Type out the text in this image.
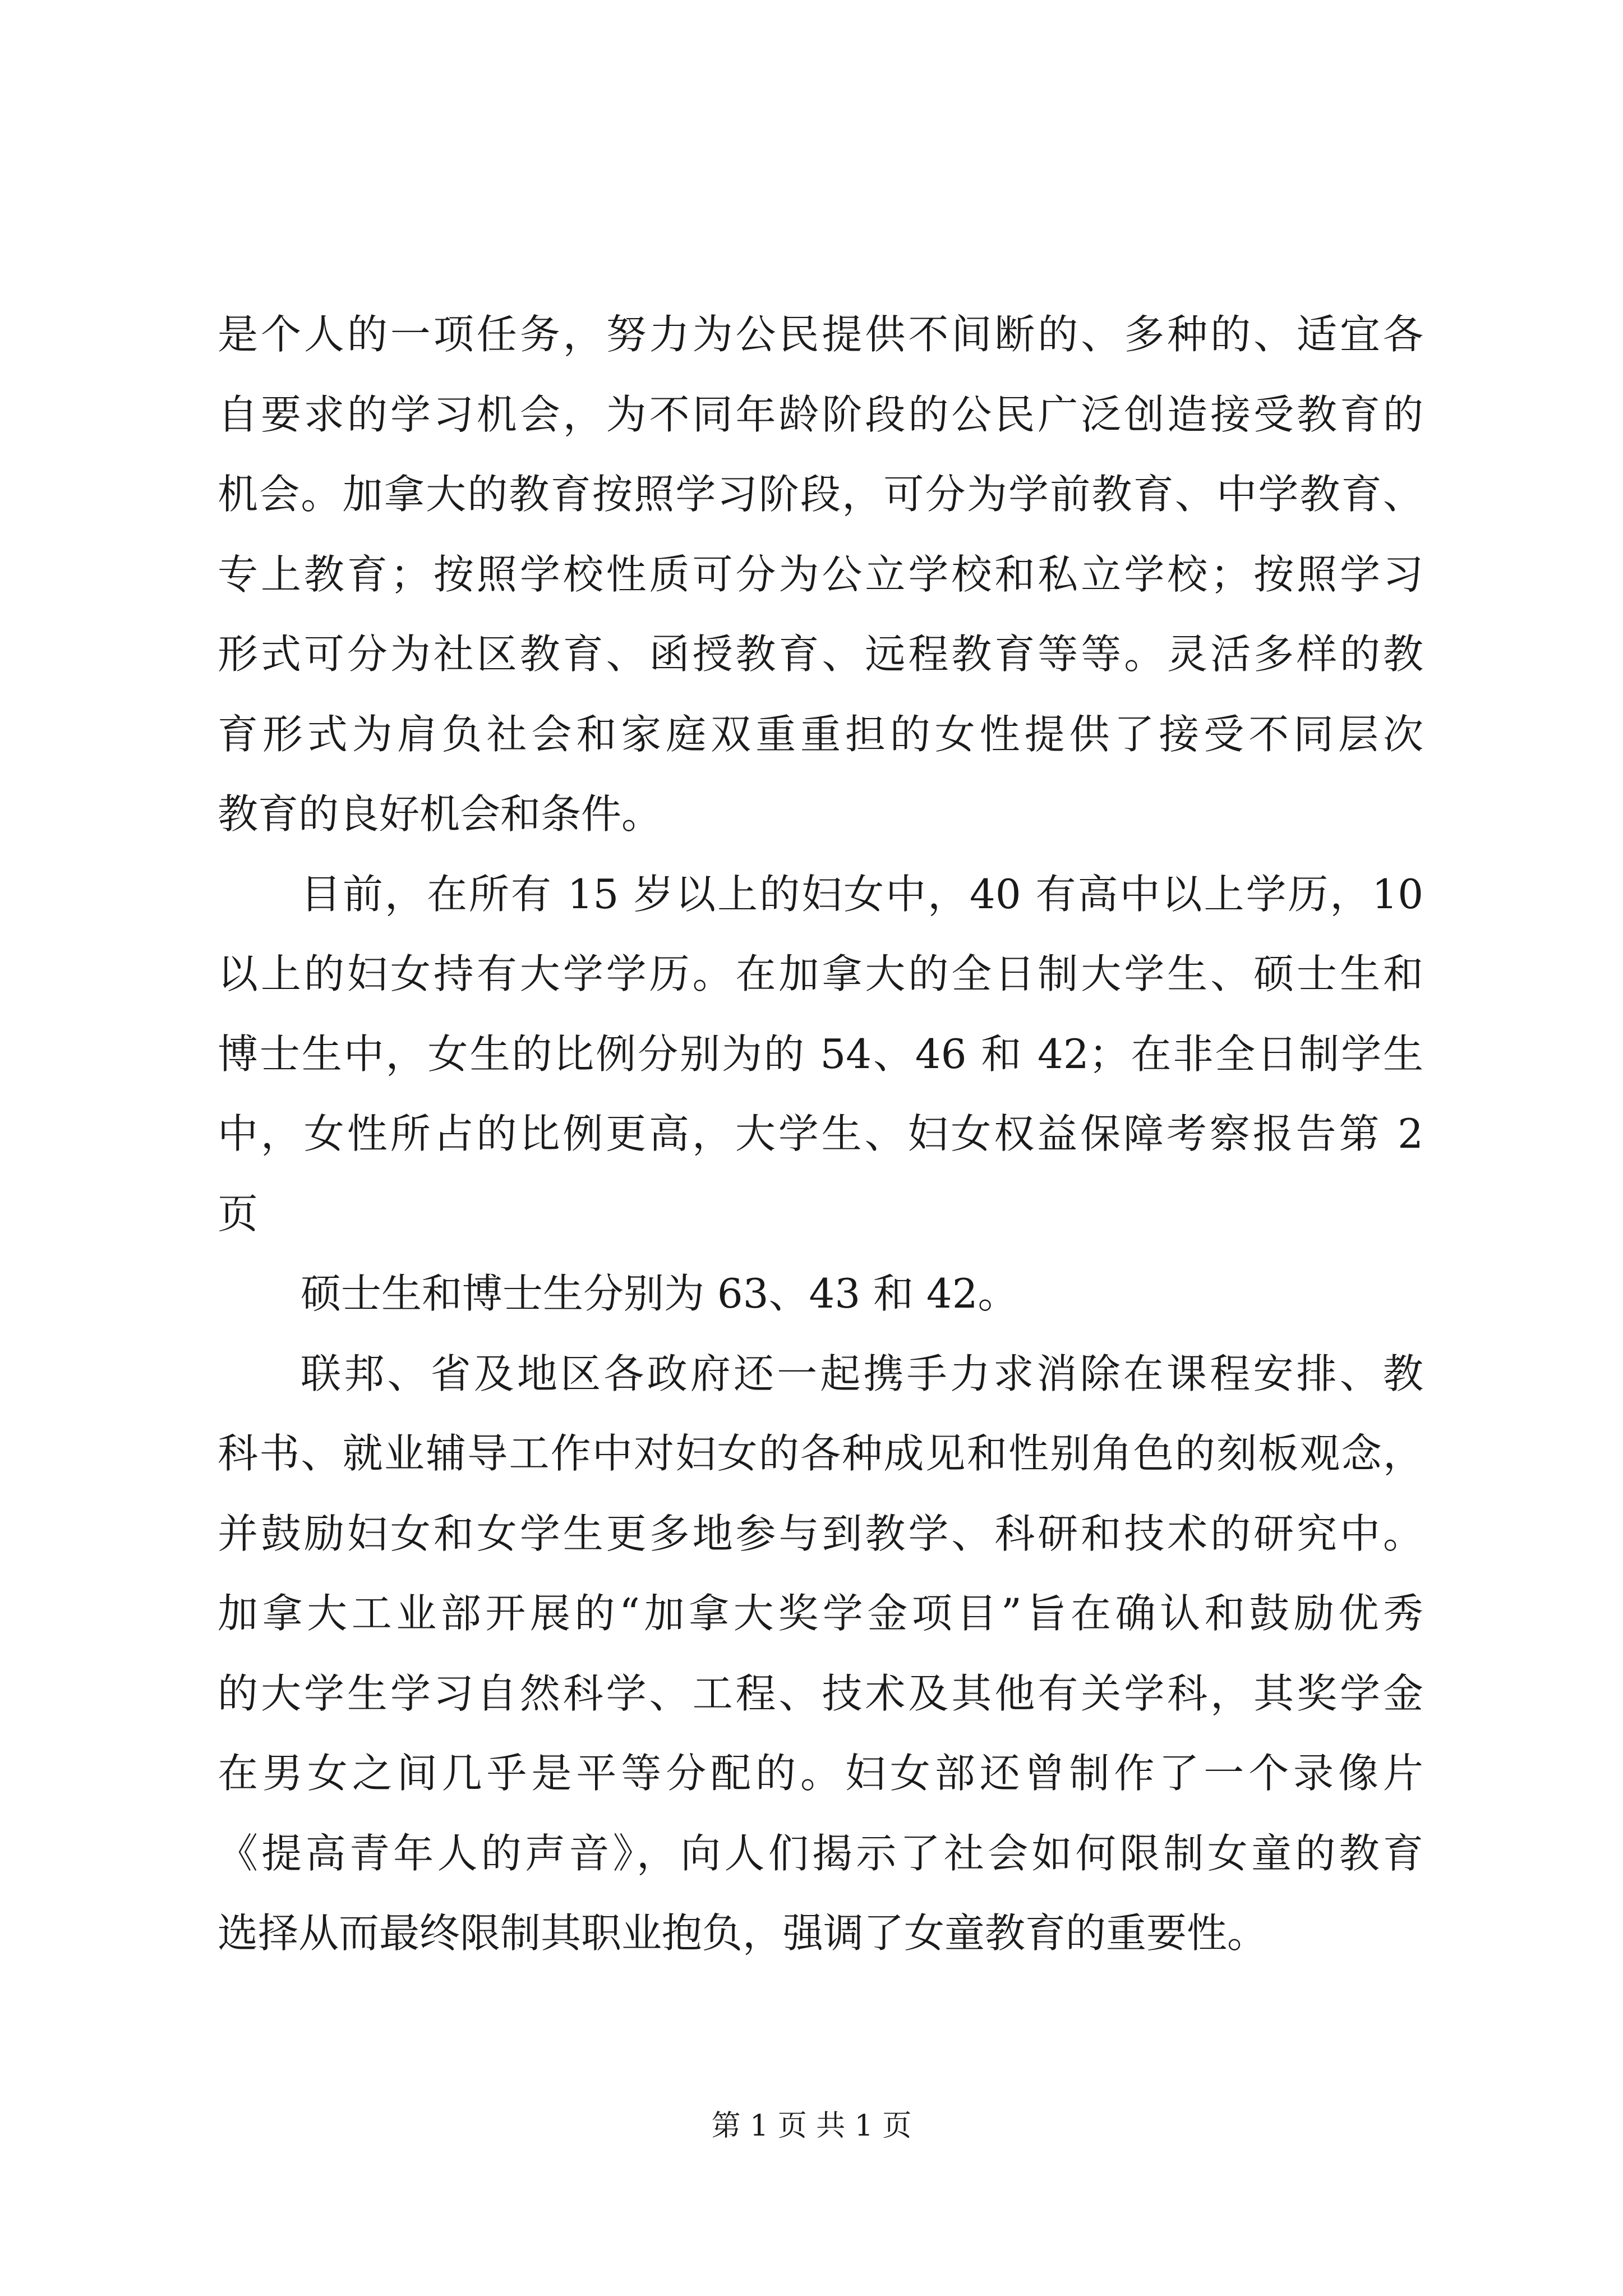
是个人的一项任务，努力为公民提供不间断的、多种的、适宜各
自要求的学习机会，为不同年龄阶段的公民广泛创造接受教育的
机会。加拿大的教育按照学习阶段，可分为学前教育、中学教育、
专上教育；按照学校性质可分为公立学校和私立学校；按照学习
形式可分为社区教育、函授教育、远程教育等等。灵活多样的教
育形式为肩负社会和家庭双重重担的女性提供了接受不同层次
教育的良好机会和条件。
目前，在所有 15 岁以上的妇女中，40 有高中以上学历，10
以上的妇女持有大学学历。在加拿大的全日制大学生、硕士生和
博士生中，女生的比例分别为的 54、46 和 42；在非全日制学生
中，女性所占的比例更高，大学生、妇女权益保障考察报告第 2
页
硕士生和博士生分别为 63、43 和 42。
联邦、省及地区各政府还一起携手力求消除在课程安排、教
科书、就业辅导工作中对妇女的各种成见和性别角色的刻板观念，
并鼓励妇女和女学生更多地参与到教学、科研和技术的研究中。
加拿大工业部开展的“加拿大奖学金项目”旨在确认和鼓励优秀
的大学生学习自然科学、工程、技术及其他有关学科，其奖学金
在男女之间几乎是平等分配的。妇女部还曾制作了一个录像片
《提高青年人的声音》，向人们揭示了社会如何限制女童的教育
选择从而最终限制其职业抱负，强调了女童教育的重要性。
第 1 页 共 1 页
